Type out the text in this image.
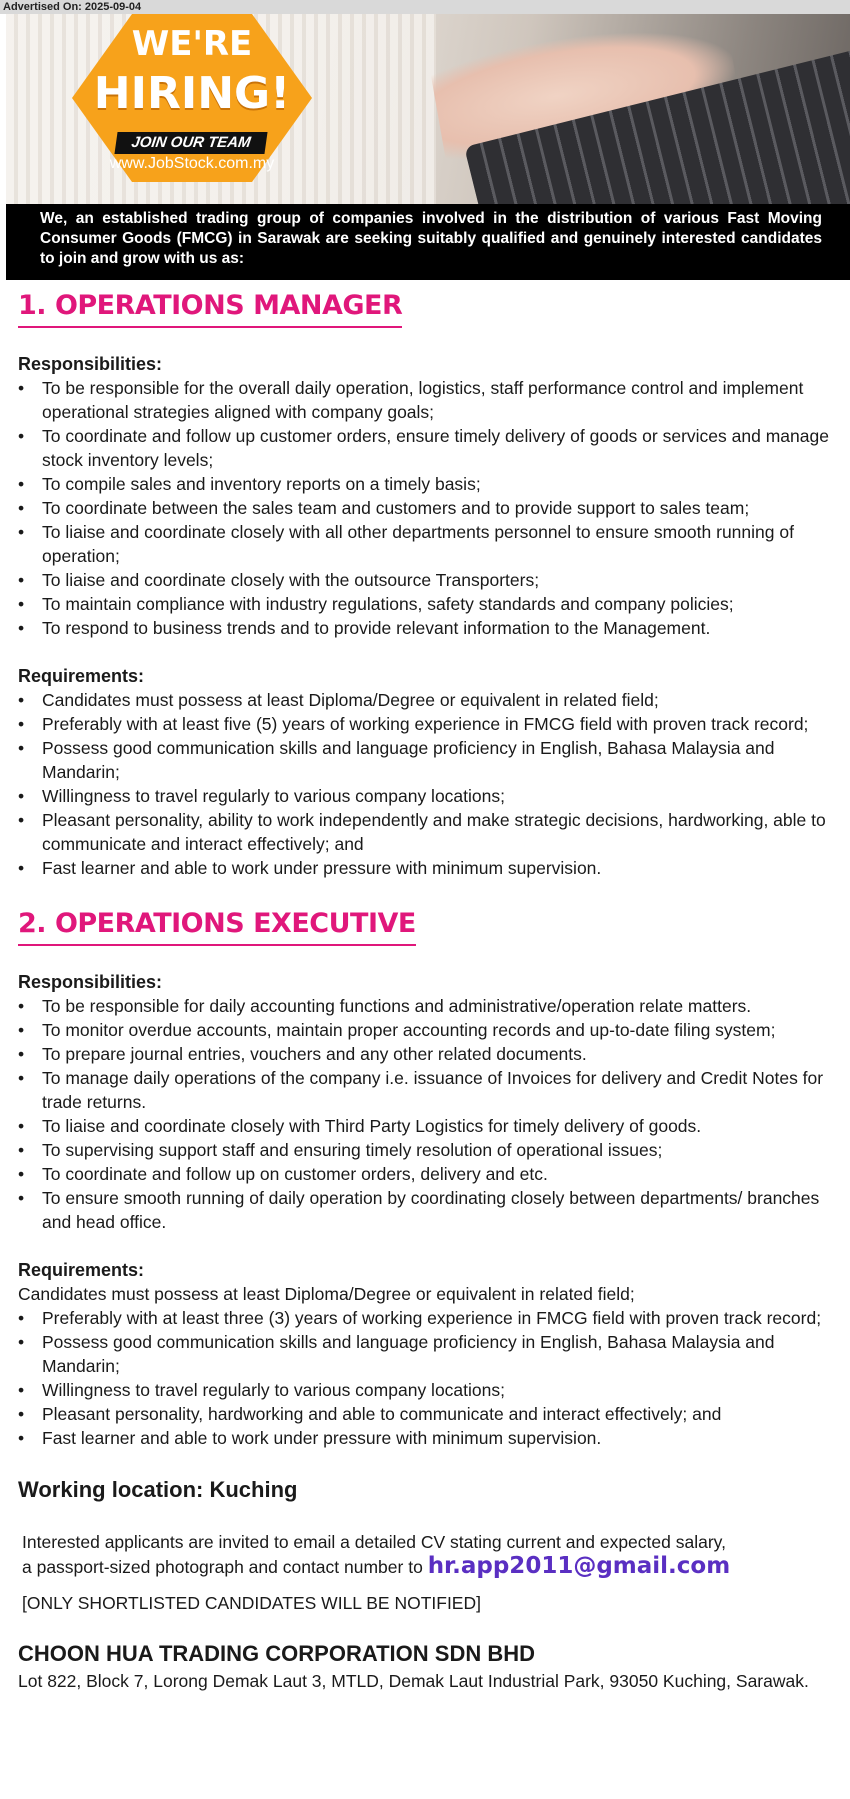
Advertised On: 2025-09-04
WE'RE
HIRING!
JOIN OUR TEAM
www.JobStock.com.my

We, an established trading group of companies involved in the distribution of various Fast Moving Consumer Goods (FMCG) in Sarawak are seeking suitably qualified and genuinely interested candidates to join and grow with us as:

1. OPERATIONS MANAGER

Responsibilities:

• To be responsible for the overall daily operation, logistics, staff performance control and implement operational strategies aligned with company goals;
• To coordinate and follow up customer orders, ensure timely delivery of goods or services and manage stock inventory levels;
• To compile sales and inventory reports on a timely basis;
• To coordinate between the sales team and customers and to provide support to sales team;
• To liaise and coordinate closely with all other departments personnel to ensure smooth running of operation;
• To liaise and coordinate closely with the outsource Transporters;
• To maintain compliance with industry regulations, safety standards and company policies;
• To respond to business trends and to provide relevant information to the Management.

Requirements:

• Candidates must possess at least Diploma/Degree or equivalent in related field;
• Preferably with at least five (5) years of working experience in FMCG field with proven track record;
• Possess good communication skills and language proficiency in English, Bahasa Malaysia and Mandarin;
• Willingness to travel regularly to various company locations;
• Pleasant personality, ability to work independently and make strategic decisions, hardworking, able to communicate and interact effectively; and
• Fast learner and able to work under pressure with minimum supervision.
2. OPERATIONS EXECUTIVE

Responsibilities:

• To be responsible for daily accounting functions and administrative/operation relate matters.
• To monitor overdue accounts, maintain proper accounting records and up-to-date filing system;
• To prepare journal entries, vouchers and any other related documents.
• To manage daily operations of the company i.e. issuance of Invoices for delivery and Credit Notes for trade returns.
• To liaise and coordinate closely with Third Party Logistics for timely delivery of goods.
• To supervising support staff and ensuring timely resolution of operational issues;
• To coordinate and follow up on customer orders, delivery and etc.
• To ensure smooth running of daily operation by coordinating closely between departments/ branches and head office.

Requirements:

Candidates must possess at least Diploma/Degree or equivalent in related field;

• Preferably with at least three (3) years of working experience in FMCG field with proven track record;
• Possess good communication skills and language proficiency in English, Bahasa Malaysia and Mandarin;
• Willingness to travel regularly to various company locations;
• Pleasant personality, hardworking and able to communicate and interact effectively; and
• Fast learner and able to work under pressure with minimum supervision.

Working location: Kuching

Interested applicants are invited to email a detailed CV stating current and expected salary,

a passport-sized photograph and contact number to hr.app2011@gmail.com

[ONLY SHORTLISTED CANDIDATES WILL BE NOTIFIED]

CHOON HUA TRADING CORPORATION SDN BHD

Lot 822, Block 7, Lorong Demak Laut 3, MTLD, Demak Laut Industrial Park, 93050 Kuching, Sarawak.
